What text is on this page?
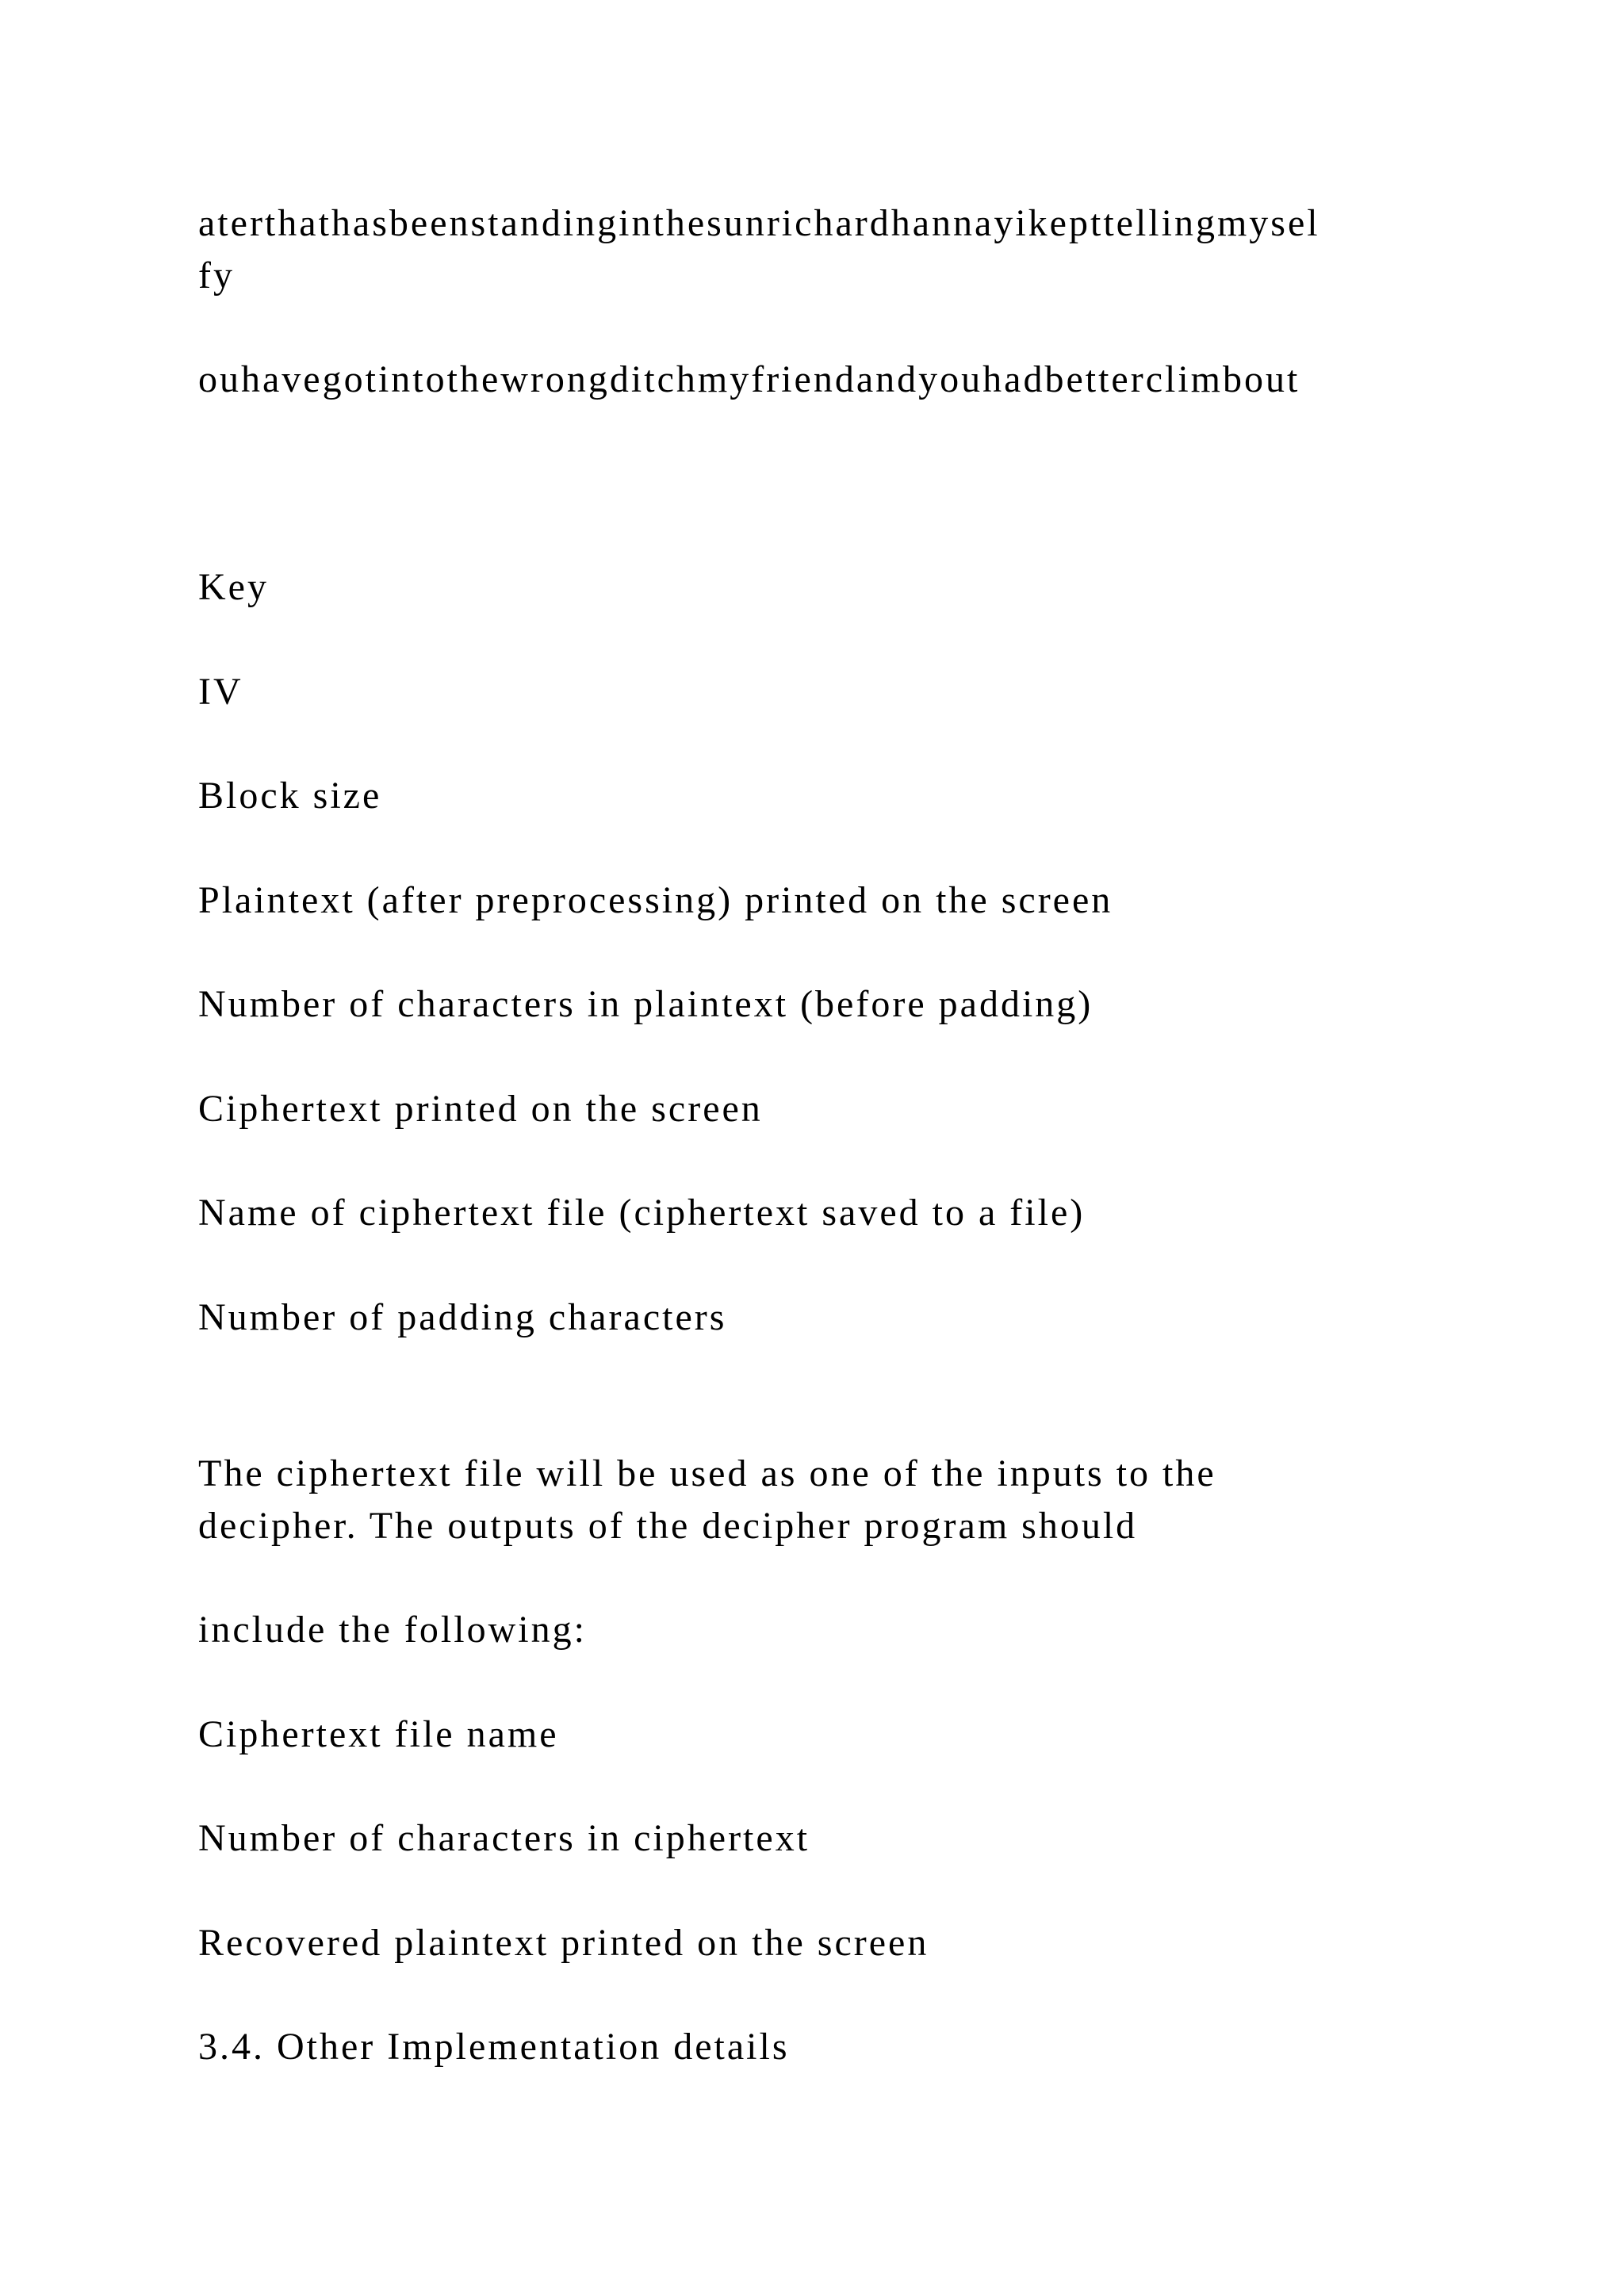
aterthathasbeenstandinginthesunrichardhannayikepttellingmysel

fy

ouhavegotintothewrongditchmyfriendandyouhadbetterclimbout

Key

IV

Block size

Plaintext (after preprocessing) printed on the screen

Number of characters in plaintext (before padding)

Ciphertext printed on the screen

Name of ciphertext file (ciphertext saved to a file)

Number of padding characters

The ciphertext file will be used as one of the inputs to the

decipher. The outputs of the decipher program should

include the following:

Ciphertext file name

Number of characters in ciphertext

Recovered plaintext printed on the screen

3.4. Other Implementation details
